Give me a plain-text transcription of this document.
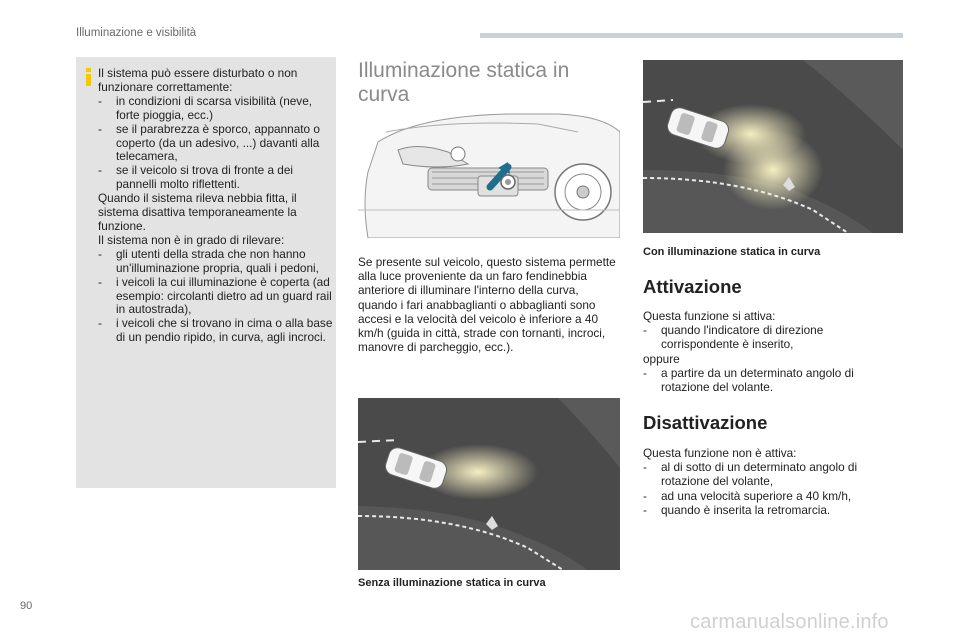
Illuminazione e visibilità

Il sistema può essere disturbato o non funzionare correttamente:

- in condizioni di scarsa visibilità (neve, forte pioggia, ecc.)

- se il parabrezza è sporco, appannato o coperto (da un adesivo, ...) davanti alla telecamera,

- se il veicolo si trova di fronte a dei pannelli molto riflettenti.

Quando il sistema rileva nebbia fitta, il sistema disattiva temporaneamente la funzione.

Il sistema non è in grado di rilevare:

- gli utenti della strada che non hanno un'illuminazione propria, quali i pedoni,

- i veicoli la cui illuminazione è coperta (ad esempio: circolanti dietro ad un guard rail in autostrada),

- i veicoli che si trovano in cima o alla base di un pendio ripido, in curva, agli incroci.

Illuminazione statica in curva
Con illuminazione statica in curva

Se presente sul veicolo, questo sistema permette alla luce proveniente da un faro fendinebbia anteriore di illuminare l'interno della curva, quando i fari anabbaglianti o abbaglianti sono accesi e la velocità del veicolo è inferiore a 40 km/h (guida in città, strade con tornanti, incroci, manovre di parcheggio, ecc.).

Senza illuminazione statica in curva
Attivazione

Questa funzione si attiva:

- quando l'indicatore di direzione corrispondente è inserito,

oppure

- a partire da un determinato angolo di rotazione del volante.

Disattivazione

Questa funzione non è attiva:

- al di sotto di un determinato angolo di rotazione del volante,

- ad una velocità superiore a 40 km/h,

- quando è inserita la retromarcia.

90
carmanualsonline.info
